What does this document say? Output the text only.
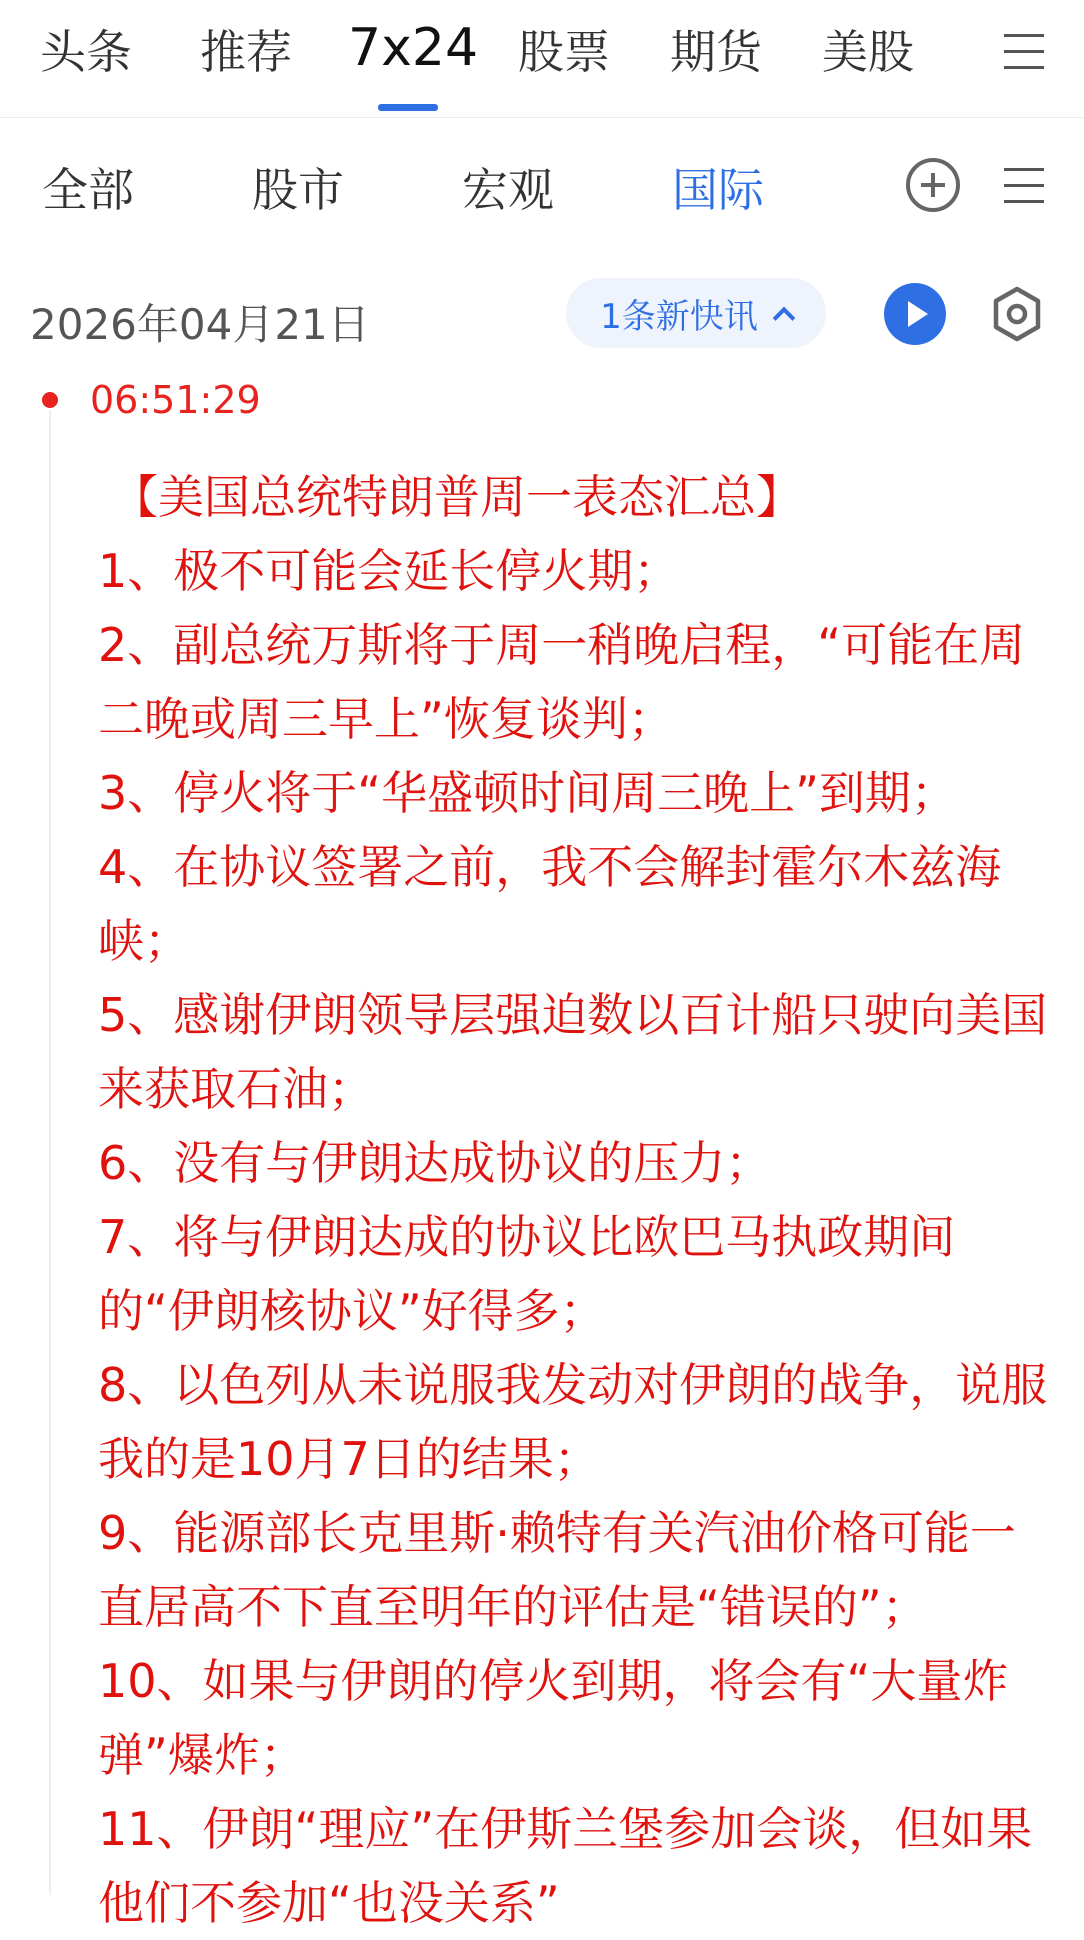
头条 推荐 7x24 股票 期货 美股
全部	股市	宏观	国际
2026年04月21日	1条新快讯
06:51:29

【美国总统特朗普周一表态汇总】

1、极不可能会延长停火期；

2、副总统万斯将于周一稍晚启程，“可能在周二晚或周三早上”恢复谈判；

3、停火将于“华盛顿时间周三晚上”到期；

4、在协议签署之前，我不会解封霍尔木兹海峡；

5、感谢伊朗领导层强迫数以百计船只驶向美国来获取石油；

6、没有与伊朗达成协议的压力；

7、将与伊朗达成的协议比欧巴马执政期间的“伊朗核协议”好得多；

8、以色列从未说服我发动对伊朗的战争，说服我的是10月7日的结果；

9、能源部长克里斯·赖特有关汽油价格可能一直居高不下直至明年的评估是“错误的”；

10、如果与伊朗的停火到期，将会有“大量炸弹”爆炸；

11、伊朗“理应”在伊斯兰堡参加会谈，但如果他们不参加“也没关系”
